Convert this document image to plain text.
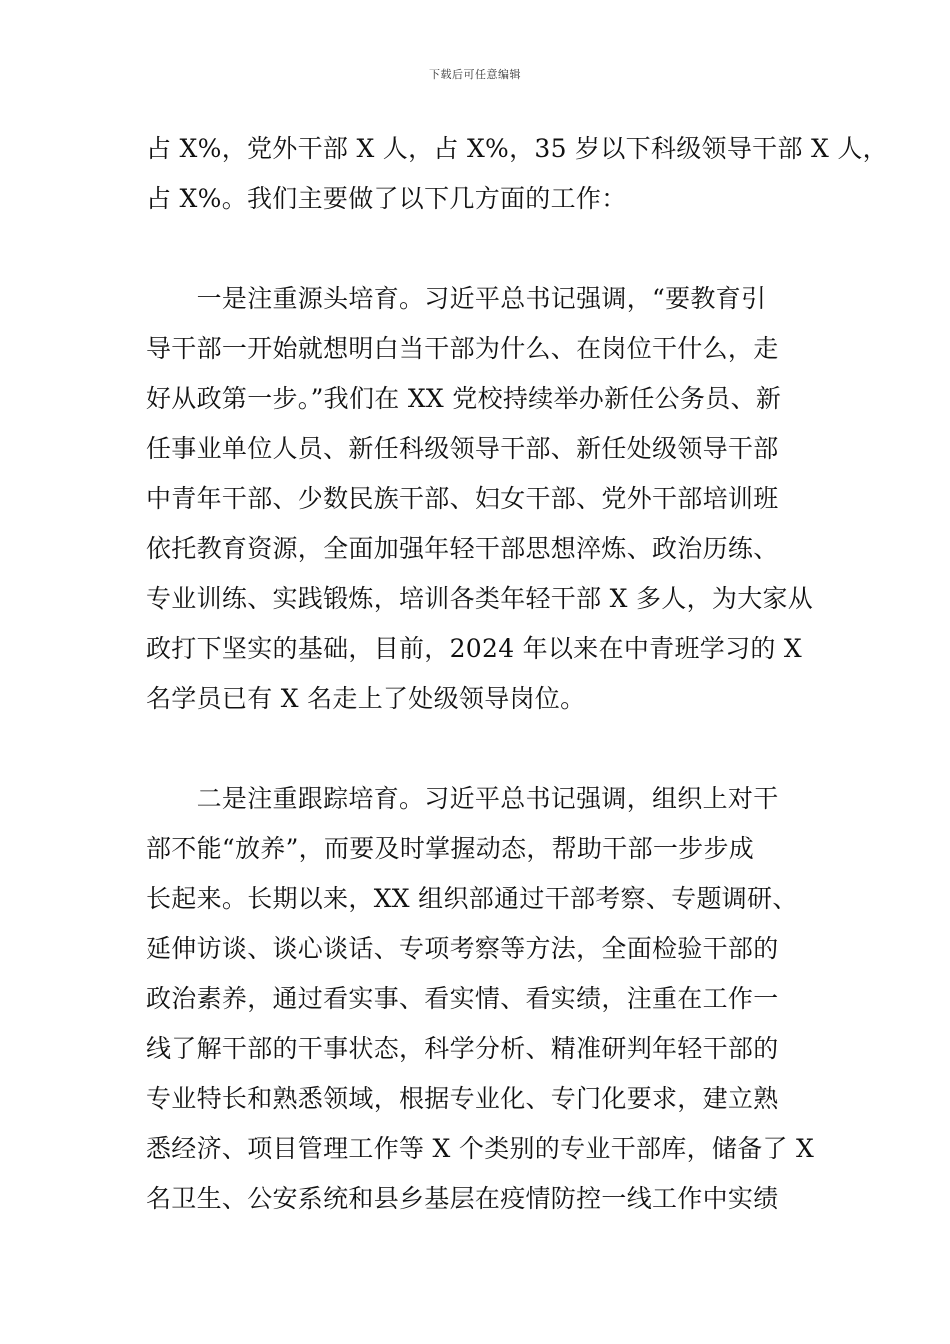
下载后可任意编辑
占 X%，党外干部 X 人，占 X%，35 岁以下科级领导干部 X 人，
占 X%。我们主要做了以下几方面的工作：
　　一是注重源头培育。习近平总书记强调，“要教育引
导干部一开始就想明白当干部为什么、在岗位干什么，走
好从政第一步。”我们在 XX 党校持续举办新任公务员、新
任事业单位人员、新任科级领导干部、新任处级领导干部
中青年干部、少数民族干部、妇女干部、党外干部培训班
依托教育资源，全面加强年轻干部思想淬炼、政治历练、
专业训练、实践锻炼，培训各类年轻干部 X 多人，为大家从
政打下坚实的基础，目前，2024 年以来在中青班学习的 X
名学员已有 X 名走上了处级领导岗位。
　　二是注重跟踪培育。习近平总书记强调，组织上对干
部不能“放养”，而要及时掌握动态，帮助干部一步步成
长起来。长期以来，XX 组织部通过干部考察、专题调研、
延伸访谈、谈心谈话、专项考察等方法，全面检验干部的
政治素养，通过看实事、看实情、看实绩，注重在工作一
线了解干部的干事状态，科学分析、精准研判年轻干部的
专业特长和熟悉领域，根据专业化、专门化要求，建立熟
悉经济、项目管理工作等 X 个类别的专业干部库，储备了 X
名卫生、公安系统和县乡基层在疫情防控一线工作中实绩
